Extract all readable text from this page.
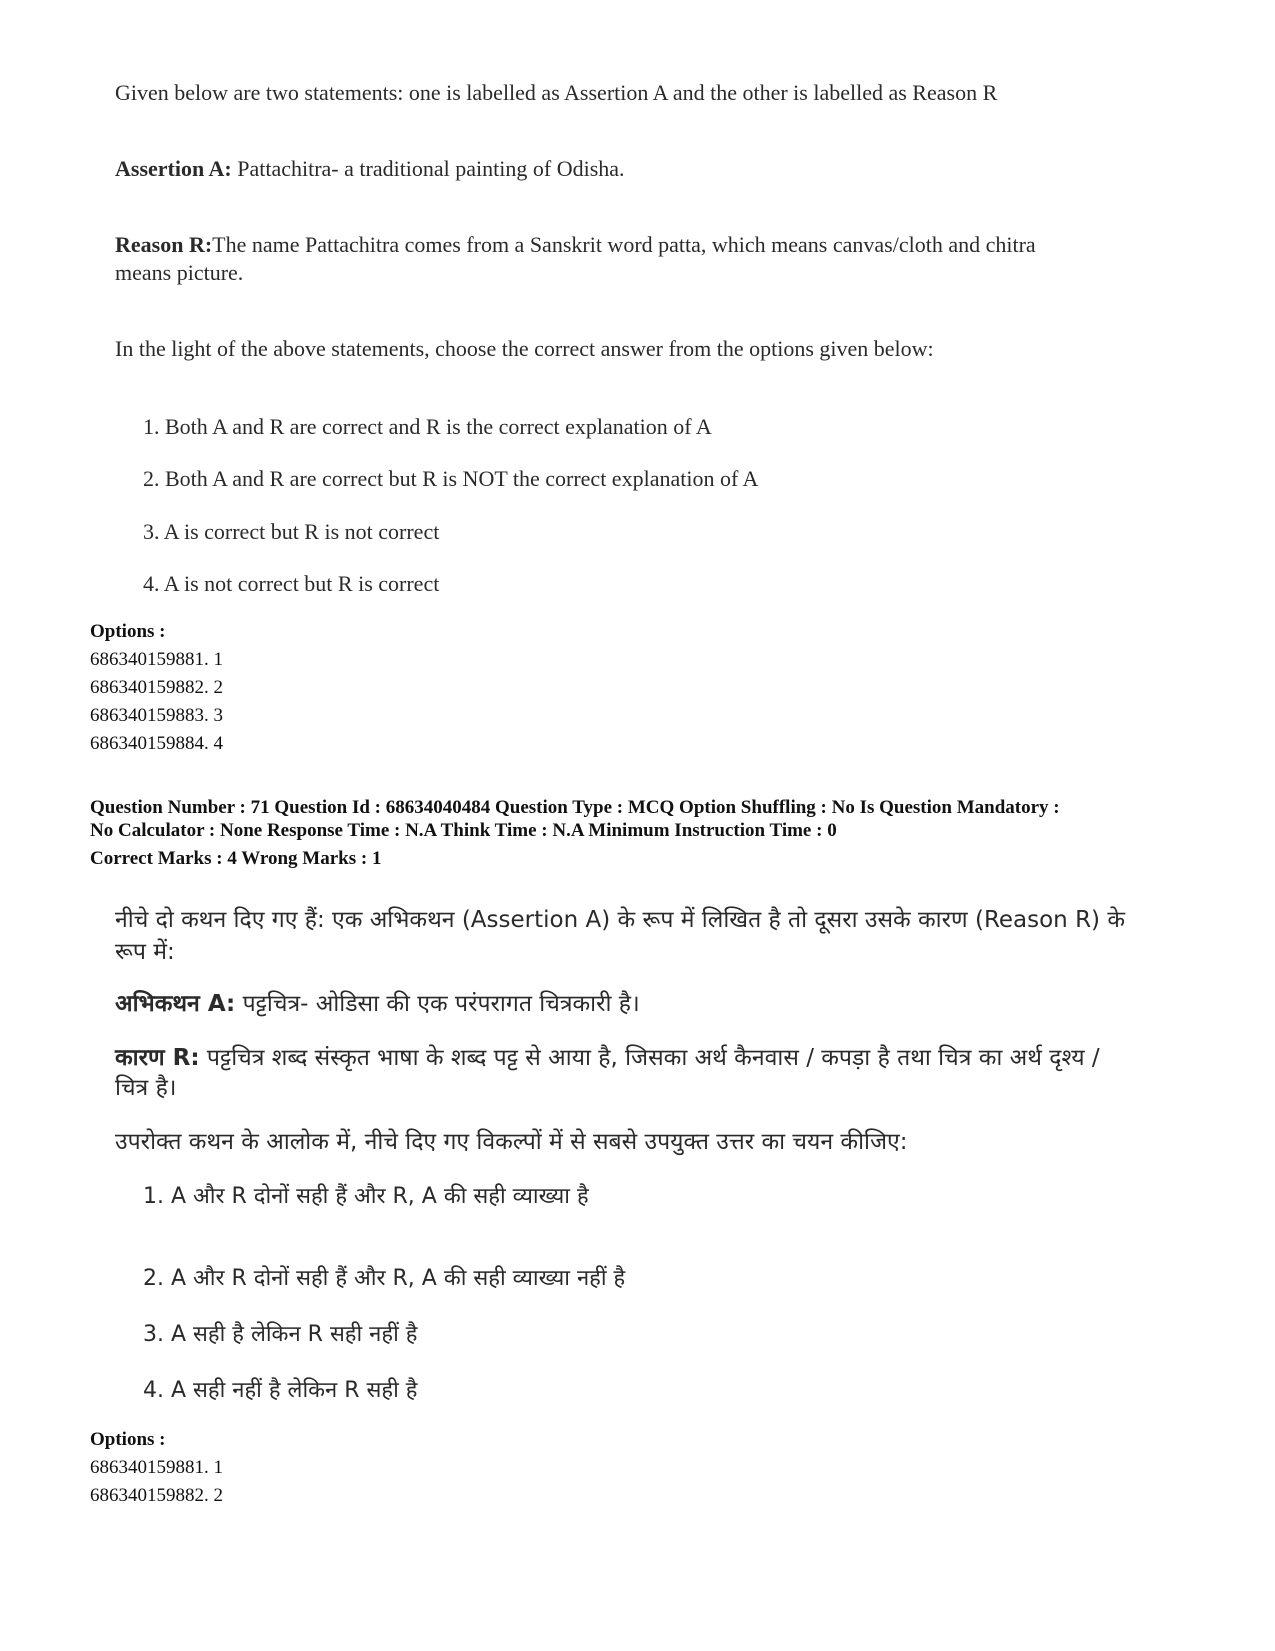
Given below are two statements: one is labelled as Assertion A and the other is labelled as Reason R
Assertion A: Pattachitra- a traditional painting of Odisha.
Reason R:The name Pattachitra comes from a Sanskrit word patta, which means canvas/cloth and chitra
means picture.
In the light of the above statements, choose the correct answer from the options given below:
1. Both A and R are correct and R is the correct explanation of A
2. Both A and R are correct but R is NOT the correct explanation of A
3. A is correct but R is not correct
4. A is not correct but R is correct
Options :
686340159881. 1
686340159882. 2
686340159883. 3
686340159884. 4
Question Number : 71 Question Id : 68634040484 Question Type : MCQ Option Shuffling : No Is Question Mandatory :
No Calculator : None Response Time : N.A Think Time : N.A Minimum Instruction Time : 0
Correct Marks : 4 Wrong Marks : 1
नीचे दो कथन दिए गए हैं: एक अभिकथन (Assertion A) के रूप में लिखित है तो दूसरा उसके कारण (Reason R) के
रूप में:
अभिकथन A: पट्टचित्र- ओडिसा की एक परंपरागत चित्रकारी है।
कारण R: पट्टचित्र शब्द संस्कृत भाषा के शब्द पट्ट से आया है, जिसका अर्थ कैनवास / कपड़ा है तथा चित्र का अर्थ दृश्य /
चित्र है।
उपरोक्त कथन के आलोक में, नीचे दिए गए विकल्पों में से सबसे उपयुक्त उत्तर का चयन कीजिए:
1. A और R दोनों सही हैं और R, A की सही व्याख्या है
2. A और R दोनों सही हैं और R, A की सही व्याख्या नहीं है
3. A सही है लेकिन R सही नहीं है
4. A सही नहीं है लेकिन R सही है
Options :
686340159881. 1
686340159882. 2
